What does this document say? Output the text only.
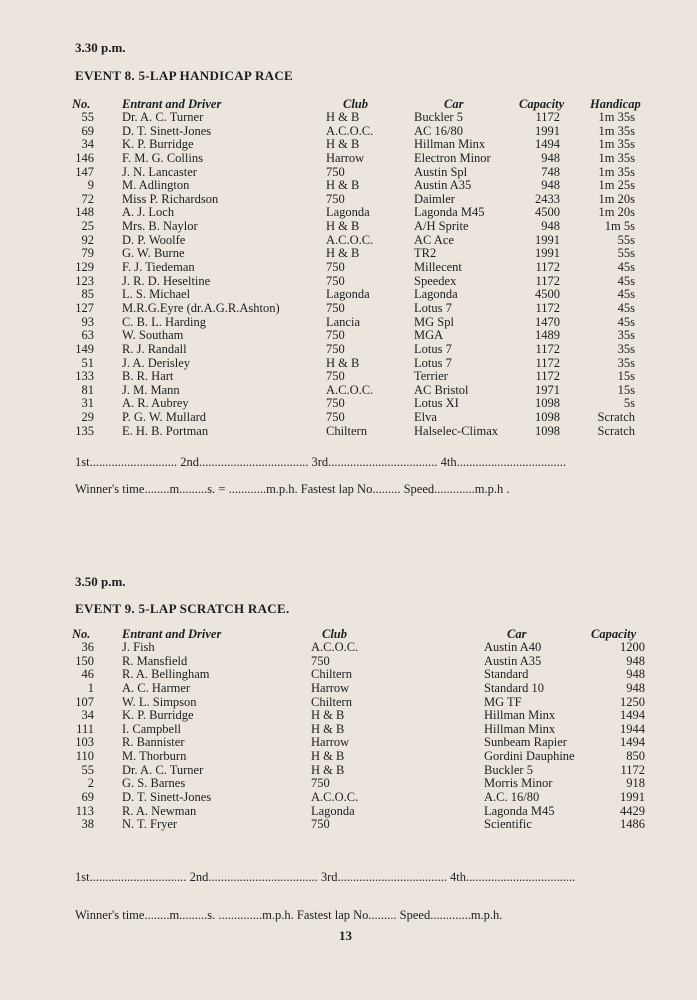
3.30 p.m.
EVENT 8. 5-LAP HANDICAP RACE
No.	Entrant and Driver	Club	Car	Capacity Handicap
55 Dr. A. C. Turner	H & B	Buckler 5	1172	1m 35s
69 D. T. Sinett-Jones	A.C.O.C.	AC 16/80	1991	1m 35s
34 K. P. Burridge	H & B	Hillman Minx	1494	1m 35s
146 F. M. G. Collins	Harrow	Electron Minor	948	1m 35s
147 J. N. Lancaster	750	Austin Spl	748	1m 35s
9 M. Adlington	H & B	Austin A35	948	1m 25s
72 Miss P. Richardson	750	Daimler	2433	1m 20s
148 A. J. Loch	Lagonda	Lagonda M45	4500	1m 20s
25 Mrs. B. Naylor	H & B	A/H Sprite	948	1m 5s
92 D. P. Woolfe	A.C.O.C.	AC Ace	1991	55s
79 G. W. Burne	H & B	TR2	1991	55s
129 F. J. Tiedeman	750	Millecent	1172	45s
123 J. R. D. Heseltine	750	Speedex	1172	45s
85 L. S. Michael	Lagonda	Lagonda	4500	45s
127 M.R.G.Eyre (dr.A.G.R.Ashton)	750	Lotus 7	1172	45s
93 C. B. L. Harding	Lancia	MG Spl	1470	45s
63 W. Southam	750	MGA	1489	35s
149 R. J. Randall	750	Lotus 7	1172	35s
51 J. A. Derisley	H & B	Lotus 7	1172	35s
133 B. R. Hart	750	Terrier	1172	15s
81 J. M. Mann	A.C.O.C.	AC Bristol	1971	15s
31 A. R. Aubrey	750	Lotus XI	1098	5s
29 P. G. W. Mullard	750	Elva	1098	Scratch
135 E. H. B. Portman	Chiltern	Halselec-Climax	1098	Scratch
1st............................ 2nd................................... 3rd................................... 4th...................................
Winner's time........m.........s. = ............m.p.h. Fastest lap No......... Speed.............m.p.h .
3.50 p.m.
EVENT 9. 5-LAP SCRATCH RACE.
No.	Entrant and Driver	Club	Car	Capacity
36 J. Fish	A.C.O.C.	Austin A40	1200
150 R. Mansfield	750	Austin A35	948
46 R. A. Bellingham	Chiltern	Standard	948
1 A. C. Harmer	Harrow	Standard 10	948
107 W. L. Simpson	Chiltern	MG TF	1250
34 K. P. Burridge	H & B	Hillman Minx	1494
111 I. Campbell	H & B	Hillman Minx	1944
103 R. Bannister	Harrow	Sunbeam Rapier	1494
110 M. Thorburn	H & B	Gordini Dauphine	850
55 Dr. A. C. Turner	H & B	Buckler 5	1172
2 G. S. Barnes	750	Morris Minor	918
69 D. T. Sinett-Jones	A.C.O.C.	A.C. 16/80	1991
113 R. A. Newman	Lagonda	Lagonda M45	4429
38 N. T. Fryer	750	Scientific	1486
1st............................... 2nd................................... 3rd................................... 4th...................................
Winner's time........m.........s. ..............m.p.h. Fastest lap No......... Speed.............m.p.h.
13
